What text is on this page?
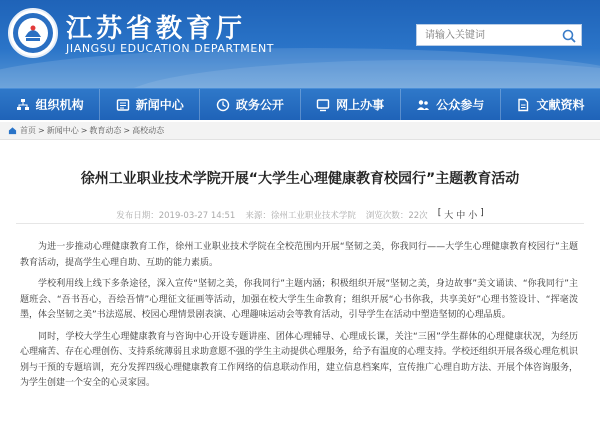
江苏省教育厅
JIANGSU EDUCATION DEPARTMENT
请输入关键词
组织机构	新闻中心	政务公开	网上办事	公众参与	文献资料
首页 > 新闻中心 > 教育动态 > 高校动态
徐州工业职业技术学院开展“大学生心理健康教育校园行”主题教育活动
发布日期：2019-03-27 14:51 来源：徐州工业职业技术学院 浏览次数：22次 [ 大 中 小 ]

为进一步推动心理健康教育工作，徐州工业职业技术学院在全校范围内开展“坚韧之美，你我同行——大学生心理健康教育校园行”主题教育活动，提高学生心理自助、互助的能力素质。

学校利用线上线下多条途径，深入宣传“坚韧之美，你我同行”主题内涵；积极组织开展“坚韧之美，身边故事”美文诵读、“你我同行”主题班会、“吾书吾心，吾绘吾情”心理征文征画等活动，加强在校大学生生命教育；组织开展“心书你我，共享美好”心理书签设计、“挥毫泼墨，体会坚韧之美”书法巡展、校园心理情景剧表演、心理趣味运动会等教育活动，引导学生在活动中塑造坚韧的心理品质。

同时，学校大学生心理健康教育与咨询中心开设专题讲座、团体心理辅导、心理成长课，关注“三困”学生群体的心理健康状况，为经历心理痛苦、存在心理创伤、支持系统薄弱且求助意愿不强的学生主动提供心理服务，给予有温度的心理支持。学校还组织开展各级心理危机识别与干预的专题培训，充分发挥四级心理健康教育工作网络的信息联动作用，建立信息档案库，宣传推广心理自助方法、开展个体咨询服务，为学生创建一个安全的心灵家园。
